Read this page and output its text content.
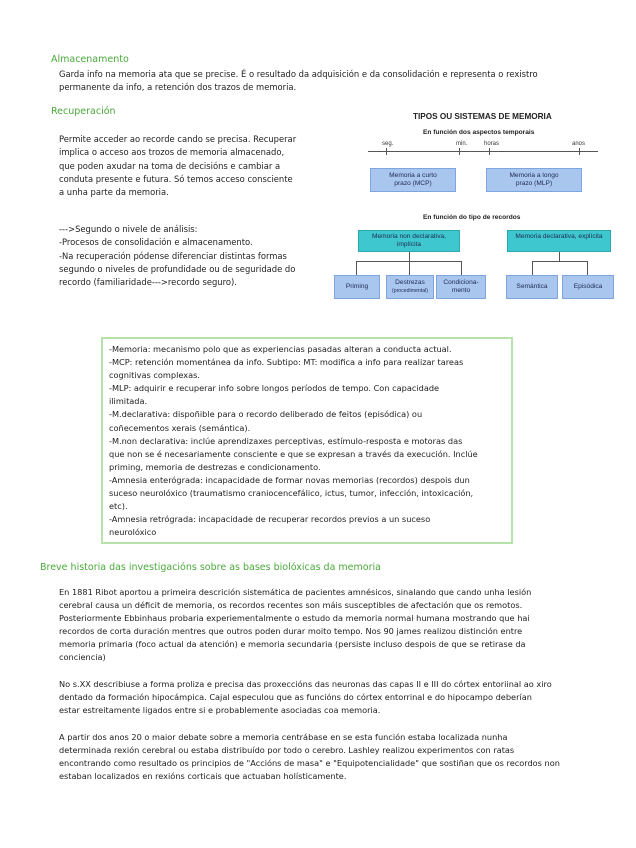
Almacenamento
Garda info na memoria ata que se precise. É o resultado da adquisición e da consolidación e representa o rexistro
permanente da info, a retención dos trazos de memoria.
Recuperación
Permite acceder ao recorde cando se precisa. Recuperar
implica o acceso aos trozos de memoria almacenado,
que poden axudar na toma de decisións e cambiar a
conduta presente e futura. Só temos acceso consciente
a unha parte da memoria.
--->Segundo o nivele de análisis:
-Procesos de consolidación e almacenamento.
-Na recuperación pódense diferenciar distintas formas
segundo o niveles de profundidade ou de seguridade do
recordo (familiaridade--->recordo seguro).
TIPOS OU SISTEMAS DE MEMORIA
En función dos aspectos temporais
seg.	min.	horas	anos
Memoria a curto
prazo (MCP)
Memoria a longo
prazo (MLP)
En función do tipo de recordos
Memoria non declarativa,
implícita
Memoria declarativa, explícita
Priming
Destrezas
(procedimental)
Condiciona-
mento
Semántica	Episódica
-Memoria: mecanismo polo que as experiencias pasadas alteran a conducta actual.
-MCP: retención momentánea da info. Subtipo: MT: modifica a info para realizar tareas
cognitivas complexas.
-MLP: adquirir e recuperar info sobre longos períodos de tempo. Con capacidade
ilimitada.
-M.declarativa: dispoñible para o recordo deliberado de feitos (episódica) ou
coñecementos xerais (semántica).
-M.non declarativa: inclúe aprendizaxes perceptivas, estímulo-resposta e motoras das
que non se é necesariamente consciente e que se expresan a través da execución. Inclúe
priming, memoria de destrezas e condicionamento.
-Amnesia enterógrada: incapacidade de formar novas memorias (recordos) despois dun
suceso neurolóxico (traumatismo craniocencefálico, ictus, tumor, infección, intoxicación,
etc).
-Amnesia retrógrada: incapacidade de recuperar recordos previos a un suceso
neurolóxico
Breve historia das investigacións sobre as bases biolóxicas da memoria
En 1881 Ribot aportou a primeira descrición sistemática de pacientes amnésicos, sinalando que cando unha lesión
cerebral causa un déficit de memoria, os recordos recentes son máis susceptibles de afectación que os remotos.
Posteriormente Ebbinhaus probaria experiementalmente o estudo da memoria normal humana mostrando que hai
recordos de corta duración mentres que outros poden durar moito tempo. Nos 90 james realizou distinción entre
memoria primaria (foco actual da atención) e memoria secundaria (persiste incluso despois de que se retirase da
conciencia)
No s.XX describiuse a forma proliza e precisa das proxeccións das neuronas das capas II e III do córtex entoriinal ao xiro
dentado da formación hipocámpica. Cajal especulou que as funcións do córtex entorrinal e do hipocampo deberían
estar estreitamente ligados entre si e probablemente asociadas coa memoria.
A partir dos anos 20 o maior debate sobre a memoria centrábase en se esta función estaba localizada nunha
determinada rexión cerebral ou estaba distribuído por todo o cerebro. Lashley realizou experimentos con ratas
encontrando como resultado os principios de "Accións de masa" e "Equipotencialidade" que sostiñan que os recordos non
estaban localizados en rexións corticais que actuaban holísticamente.
